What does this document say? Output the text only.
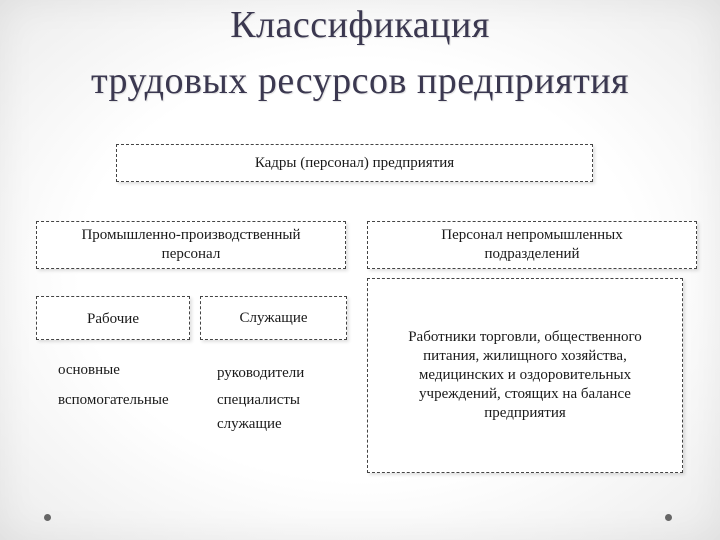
Классификация
трудовых ресурсов предприятия
Кадры (персонал) предприятия
Промышленно-производственный персонал
Персонал непромышленных подразделений
Рабочие	Служащие
Работники торговли, общественного питания, жилищного хозяйства, медицинских и оздоровительных учреждений, стоящих на балансе предприятия
основные
вспомогательные
руководители
специалисты
служащие
